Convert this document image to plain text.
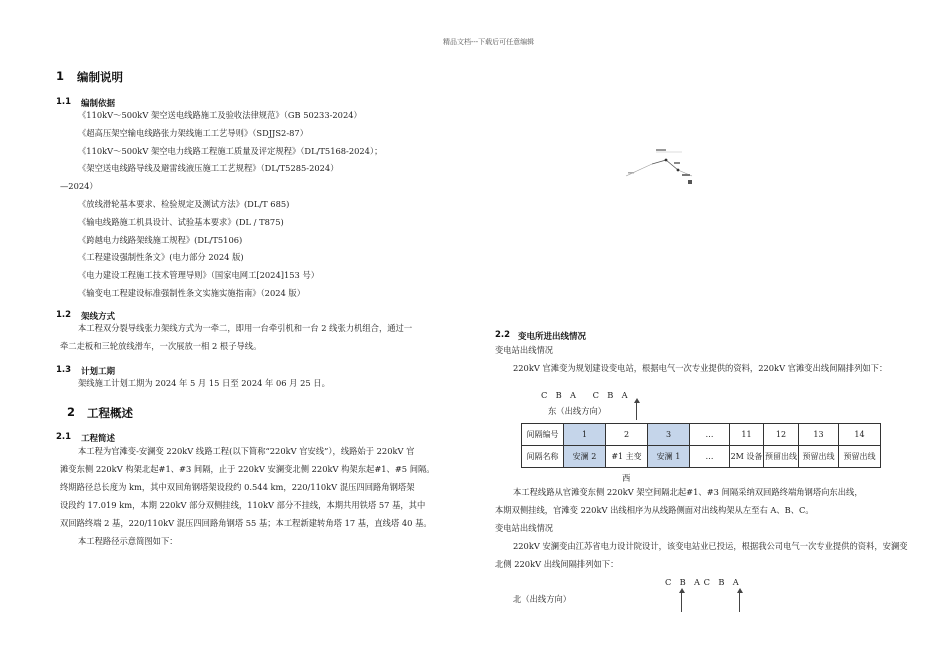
精品文档---下载后可任意编辑
1 编制说明
1.1 编制依据
《110kV～500kV 架空送电线路施工及验收法律规范》（GB 50233-2024）
《超高压架空输电线路张力架线施工工艺导则》（SDJJS2-87）
《110kV～500kV 架空电力线路工程施工质量及评定规程》（DL/T5168-2024）；
《架空送电线路导线及避雷线液压施工工艺规程》（DL/T5285-2024）
—2024）
《放线滑轮基本要求、检验规定及测试方法》(DL/T 685)
《输电线路施工机具设计、试验基本要求》(DL / T875)
《跨越电力线路架线施工规程》(DL/T5106)
《工程建设强制性条文》(电力部分 2024 版)
《电力建设工程施工技术管理导则》（国家电网工[2024]153 号）
《输变电工程建设标准强制性条文实施实施指南》（2024 版）
1.2 架线方式
本工程双分裂导线张力架线方式为一牵二，即用一台牵引机和一台 2 线张力机组合，通过一
牵二走板和三轮放线滑车，一次展放一相 2 根子导线。
1.3 计划工期
架线施工计划工期为 2024 年 5 月 15 日至 2024 年 06 月 25 日。
2 工程概述
2.1 工程简述
本工程为官滩变-安澜变 220kV 线路工程(以下简称“220kV 官安线”），线路始于 220kV 官
滩变东侧 220kV 构架北起#1、#3 间隔，止于 220kV 安澜变北侧 220kV 构架东起#1、#5 间隔。
终期路径总长度为 km，其中双回角钢塔架设段约 0.544 km，220/110kV 混压四回路角钢塔架
设段约 17.019 km，本期 220kV 部分双侧挂线，110kV 部分不挂线，本期共用铁塔 57 基，其中
双回路终端 2 基，220/110kV 混压四回路角钢塔 55 基；本工程新建转角塔 17 基，直线塔 40 基。
本工程路径示意简图如下：
2.2 变电所进出线情况
变电站出线情况
220kV 官滩变为规划建设变电站，根据电气一次专业提供的资料，220kV 官滩变出线间隔排列如下：
C　B　A　　C　B　A
东（出线方向）
间隔编号	1	2	3	…	11	12	13	14
间隔名称	安澜 2	#1 主变	安澜 1	…	2M 设备	预留出线	预留出线	预留出线
西
本工程线路从官滩变东侧 220kV 架空间隔北起#1、#3 间隔采纳双回路终端角钢塔向东出线，
本期双侧挂线，官滩变 220kV 出线相序为从线路侧面对出线构架从左至右 A、B、C。
变电站出线情况
220kV 安澜变由江苏省电力设计院设计，该变电站业已投运，根据我公司电气一次专业提供的资料，安澜变北侧 220kV 出线间隔排列如下：
C　B　A C　B　A
北（出线方向）
